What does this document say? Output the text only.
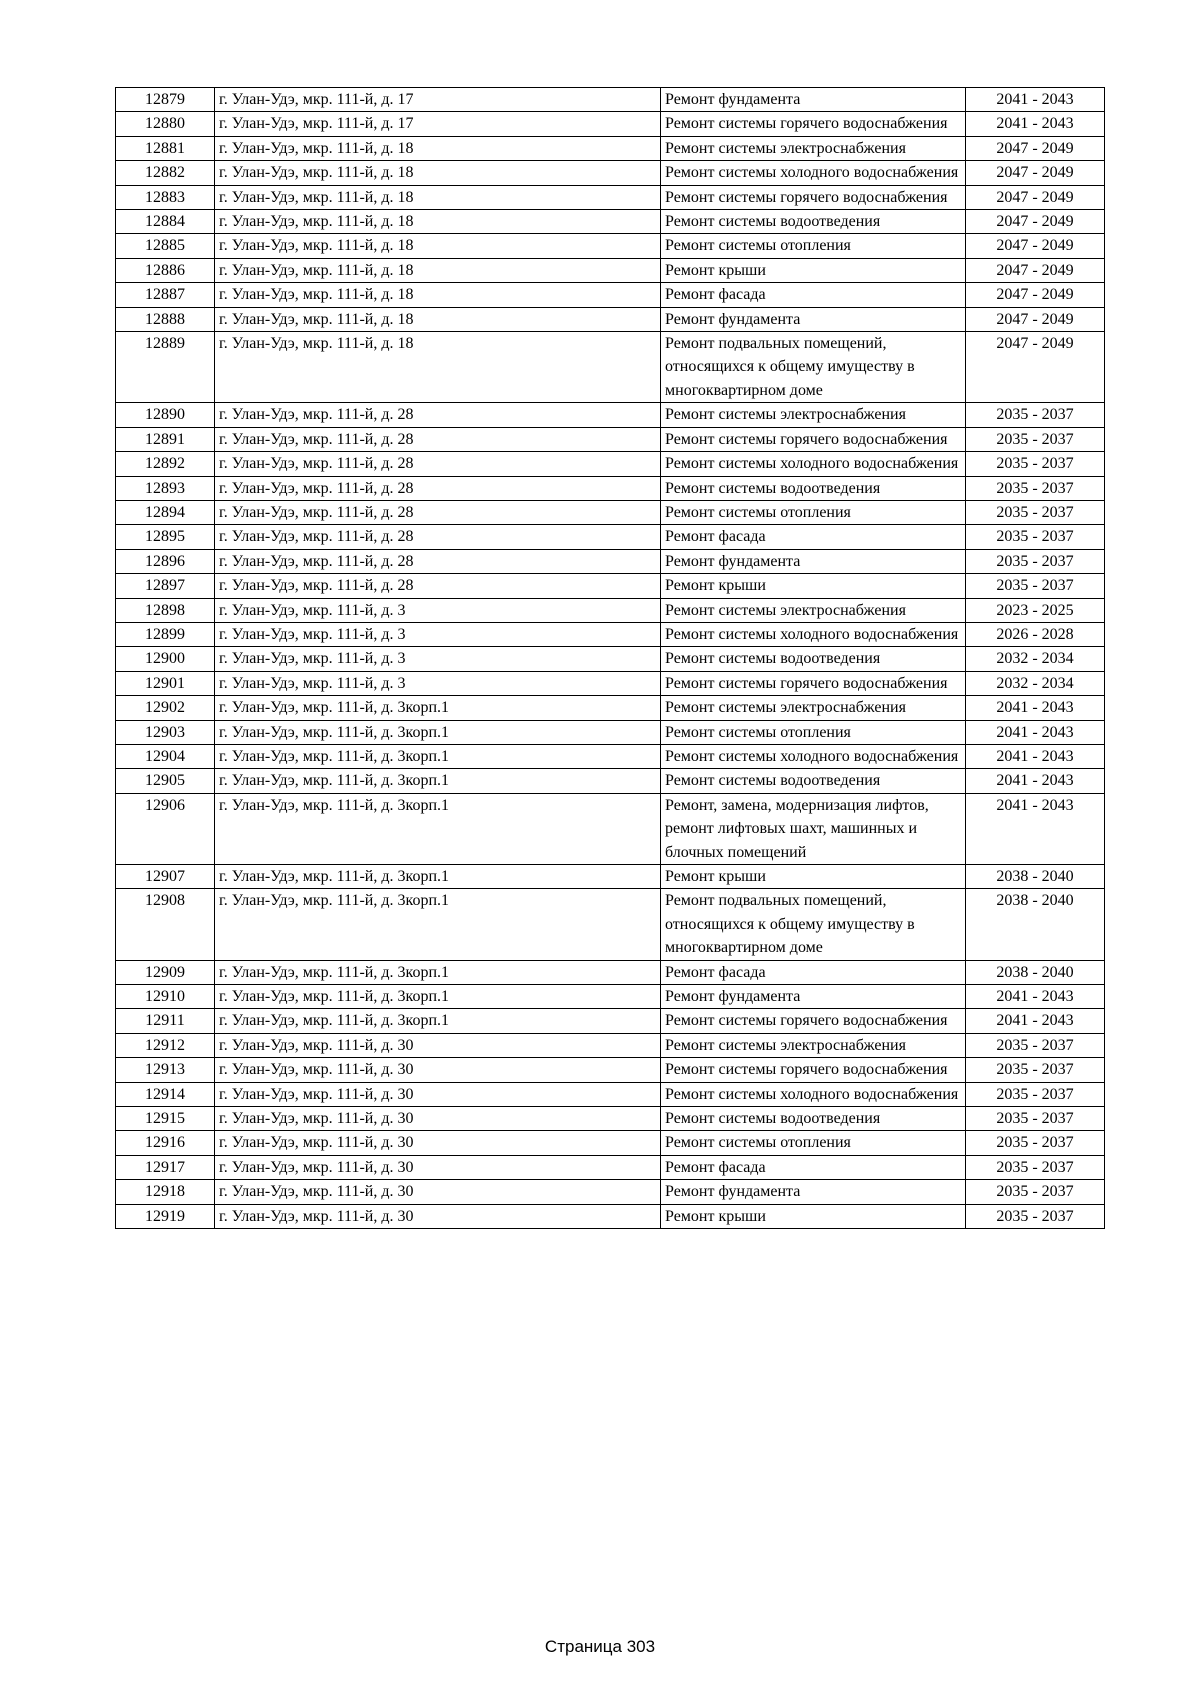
12879	г. Улан-Удэ, мкр. 111-й, д. 17	Ремонт фундамента	2041 - 2043
12880	г. Улан-Удэ, мкр. 111-й, д. 17	Ремонт системы горячего водоснабжения	2041 - 2043
12881	г. Улан-Удэ, мкр. 111-й, д. 18	Ремонт системы электроснабжения	2047 - 2049
12882	г. Улан-Удэ, мкр. 111-й, д. 18	Ремонт системы холодного водоснабжения	2047 - 2049
12883	г. Улан-Удэ, мкр. 111-й, д. 18	Ремонт системы горячего водоснабжения	2047 - 2049
12884	г. Улан-Удэ, мкр. 111-й, д. 18	Ремонт системы водоотведения	2047 - 2049
12885	г. Улан-Удэ, мкр. 111-й, д. 18	Ремонт системы отопления	2047 - 2049
12886	г. Улан-Удэ, мкр. 111-й, д. 18	Ремонт крыши	2047 - 2049
12887	г. Улан-Удэ, мкр. 111-й, д. 18	Ремонт фасада	2047 - 2049
12888	г. Улан-Удэ, мкр. 111-й, д. 18	Ремонт фундамента	2047 - 2049
12889	г. Улан-Удэ, мкр. 111-й, д. 18	Ремонт подвальных помещений, относящихся к общему имуществу в многоквартирном доме	2047 - 2049
12890	г. Улан-Удэ, мкр. 111-й, д. 28	Ремонт системы электроснабжения	2035 - 2037
12891	г. Улан-Удэ, мкр. 111-й, д. 28	Ремонт системы горячего водоснабжения	2035 - 2037
12892	г. Улан-Удэ, мкр. 111-й, д. 28	Ремонт системы холодного водоснабжения	2035 - 2037
12893	г. Улан-Удэ, мкр. 111-й, д. 28	Ремонт системы водоотведения	2035 - 2037
12894	г. Улан-Удэ, мкр. 111-й, д. 28	Ремонт системы отопления	2035 - 2037
12895	г. Улан-Удэ, мкр. 111-й, д. 28	Ремонт фасада	2035 - 2037
12896	г. Улан-Удэ, мкр. 111-й, д. 28	Ремонт фундамента	2035 - 2037
12897	г. Улан-Удэ, мкр. 111-й, д. 28	Ремонт крыши	2035 - 2037
12898	г. Улан-Удэ, мкр. 111-й, д. 3	Ремонт системы электроснабжения	2023 - 2025
12899	г. Улан-Удэ, мкр. 111-й, д. 3	Ремонт системы холодного водоснабжения	2026 - 2028
12900	г. Улан-Удэ, мкр. 111-й, д. 3	Ремонт системы водоотведения	2032 - 2034
12901	г. Улан-Удэ, мкр. 111-й, д. 3	Ремонт системы горячего водоснабжения	2032 - 2034
12902	г. Улан-Удэ, мкр. 111-й, д. 3корп.1	Ремонт системы электроснабжения	2041 - 2043
12903	г. Улан-Удэ, мкр. 111-й, д. 3корп.1	Ремонт системы отопления	2041 - 2043
12904	г. Улан-Удэ, мкр. 111-й, д. 3корп.1	Ремонт системы холодного водоснабжения	2041 - 2043
12905	г. Улан-Удэ, мкр. 111-й, д. 3корп.1	Ремонт системы водоотведения	2041 - 2043
12906	г. Улан-Удэ, мкр. 111-й, д. 3корп.1	Ремонт, замена, модернизация лифтов, ремонт лифтовых шахт, машинных и блочных помещений	2041 - 2043
12907	г. Улан-Удэ, мкр. 111-й, д. 3корп.1	Ремонт крыши	2038 - 2040
12908	г. Улан-Удэ, мкр. 111-й, д. 3корп.1	Ремонт подвальных помещений, относящихся к общему имуществу в многоквартирном доме	2038 - 2040
12909	г. Улан-Удэ, мкр. 111-й, д. 3корп.1	Ремонт фасада	2038 - 2040
12910	г. Улан-Удэ, мкр. 111-й, д. 3корп.1	Ремонт фундамента	2041 - 2043
12911	г. Улан-Удэ, мкр. 111-й, д. 3корп.1	Ремонт системы горячего водоснабжения	2041 - 2043
12912	г. Улан-Удэ, мкр. 111-й, д. 30	Ремонт системы электроснабжения	2035 - 2037
12913	г. Улан-Удэ, мкр. 111-й, д. 30	Ремонт системы горячего водоснабжения	2035 - 2037
12914	г. Улан-Удэ, мкр. 111-й, д. 30	Ремонт системы холодного водоснабжения	2035 - 2037
12915	г. Улан-Удэ, мкр. 111-й, д. 30	Ремонт системы водоотведения	2035 - 2037
12916	г. Улан-Удэ, мкр. 111-й, д. 30	Ремонт системы отопления	2035 - 2037
12917	г. Улан-Удэ, мкр. 111-й, д. 30	Ремонт фасада	2035 - 2037
12918	г. Улан-Удэ, мкр. 111-й, д. 30	Ремонт фундамента	2035 - 2037
12919	г. Улан-Удэ, мкр. 111-й, д. 30	Ремонт крыши	2035 - 2037
Страница 303
